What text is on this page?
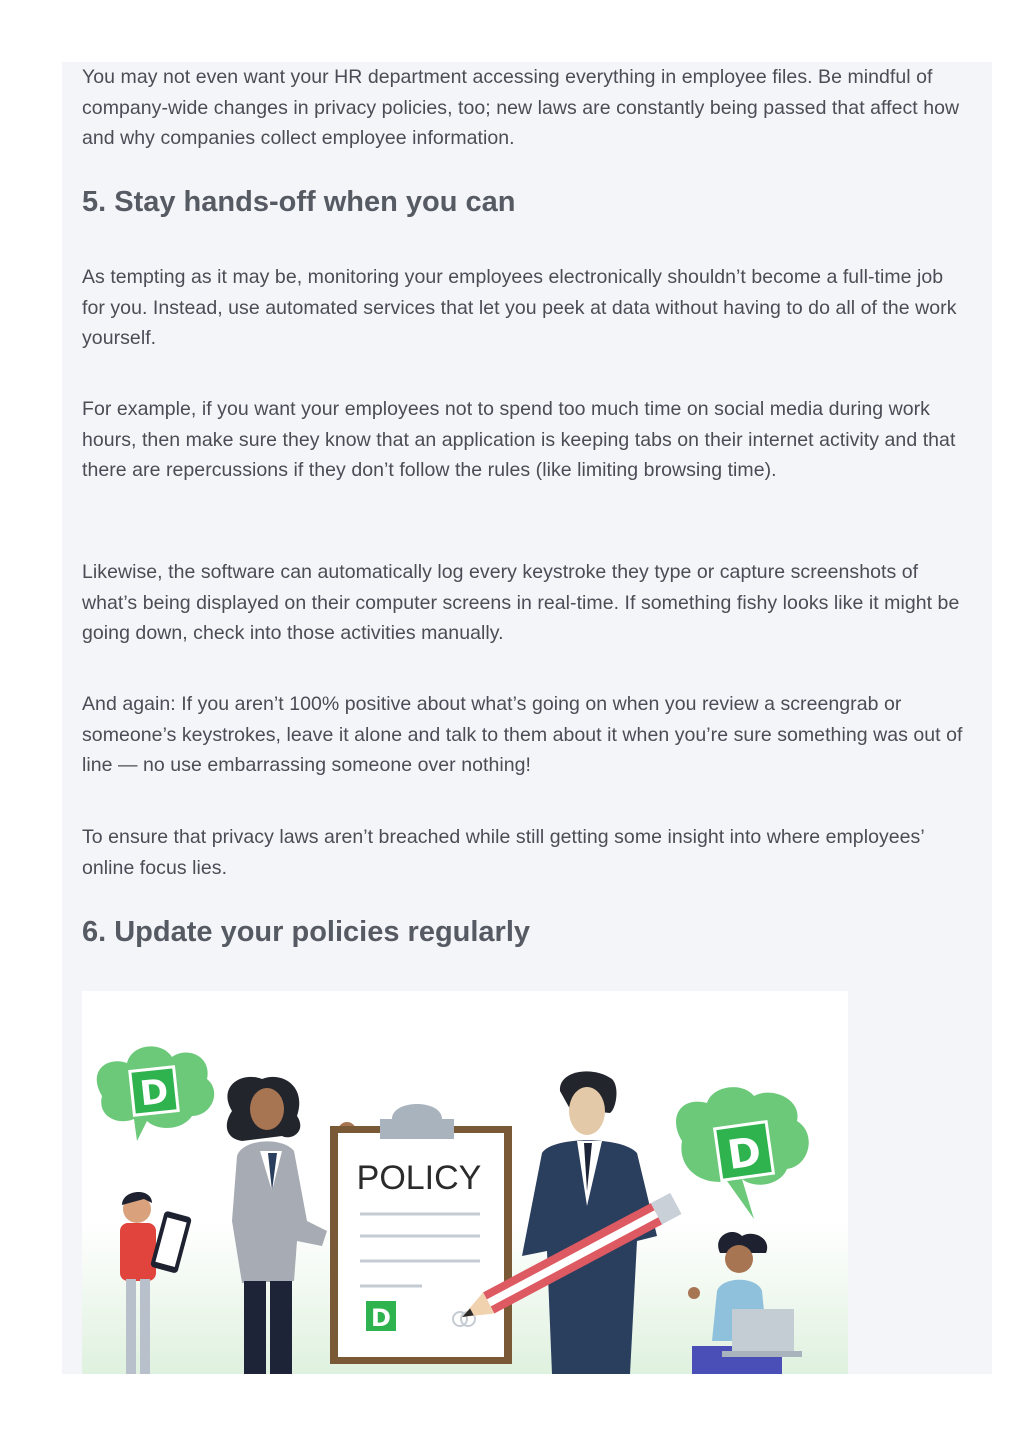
You may not even want your HR department accessing everything in employee files. Be mindful of company-wide changes in privacy policies, too; new laws are constantly being passed that affect how and why companies collect employee information.

5. Stay hands-off when you can

As tempting as it may be, monitoring your employees electronically shouldn’t become a full-time job for you. Instead, use automated services that let you peek at data without having to do all of the work yourself.

For example, if you want your employees not to spend too much time on social media during work hours, then make sure they know that an application is keeping tabs on their internet activity and that there are repercussions if they don’t follow the rules (like limiting browsing time).

Likewise, the software can automatically log every keystroke they type or capture screenshots of what’s being displayed on their computer screens in real-time. If something fishy looks like it might be going down, check into those activities manually.

And again: If you aren’t 100% positive about what’s going on when you review a screengrab or someone’s keystrokes, leave it alone and talk to them about it when you’re sure something was out of line — no use embarrassing someone over nothing!

To ensure that privacy laws aren’t breached while still getting some insight into where employees’ online focus lies.

6. Update your policies regularly
D
D
POLICY
D
